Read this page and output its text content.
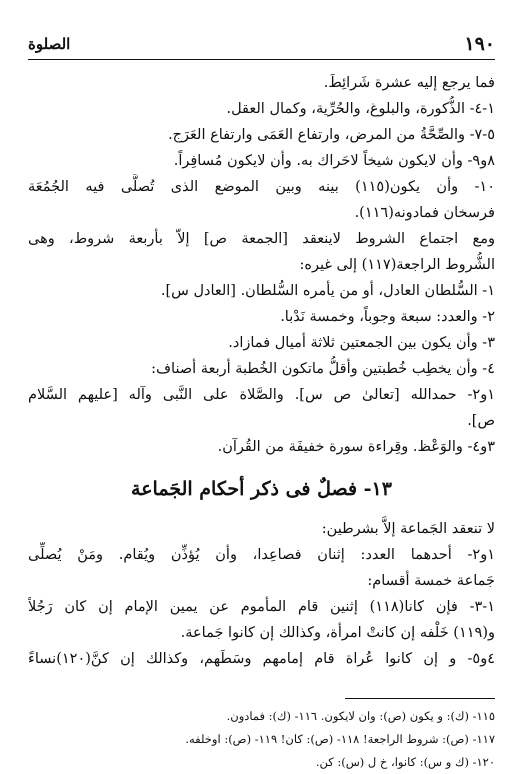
١٩٠
الصلوة
فما يرجع إليه عشرة شَرائِطَ.
١-٤- الذُّكورة، والبلوغ، والحُرِّية، وكمال العقل.
٥-٧- والصِّحَّةُ من المرض، وارتفاع العَمَى وارتفاع العَرَج.
٨و٩- وأن لايكون شيخاً لاحَراك به. وأن لايكون مُسافِراً.
١٠- وأن يكون(١١٥) بينه وبين الموضع الذى تُصلَّى فيه الجُمُعَة
فرسخان فمادونه(١١٦).
ومع اجتماع الشروط لاينعقد [الجمعة ص] إلاّ بأربعة شروط، وهى
الشُّروط الراجعة(١١٧) إلى غيره:
١- السُّلطان العادل، أو من يأمره السُّلطان. [العادل س].
٢- والعدد: سبعة وجوباً، وخمسة نَدْبا.
٣- وأن يكون بين الجمعتين ثلاثة أميال فمازاد.
٤- وأن يخطِب خُطبتين وأقلُّ ماتكون الخُطبة أربعة أصناف:
١و٢- حمدالله [تعالىٰ ص س]. والصَّلاة على النَّبى وآله [عليهم السَّلام
ص].
٣و٤- والوَعْظ. وقِراءة سورة خفيفَة من القُرآن.
١٣- فصلٌ فى ذكر أحكام الجَماعة
لا تنعقد الجَماعة إلاَّ بشرطين:
١و٢- أحدهما العدد: إثنان فصاعِدا، وأن يُؤذِّن ويُقام. ومَنْ يُصلِّى
جَماعة خمسة أقسام:
١-٣- فإن كانا(١١٨) إثنين قام المأموم عن يمين الإمام إن كان رَجُلاً
و(١١٩) خَلْفه إن كانتْ امرأة، وكذالك إن كانوا جَماعة.
٤و٥- و إن كانوا عُراة قام إمامهم وسَطَهم، وكذالك إن كنَّ(١٢٠)نساءً
١١٥- (ك): و يكون (ص): وان لايكون. ١١٦- (ك): فمادون.
١١٧- (ص): شروط الراجعة! ١١٨- (ص): كان! ١١٩- (ص): اوخلفه.
١٢٠- (ك و س): كانوا، خ ل (س): كن.
